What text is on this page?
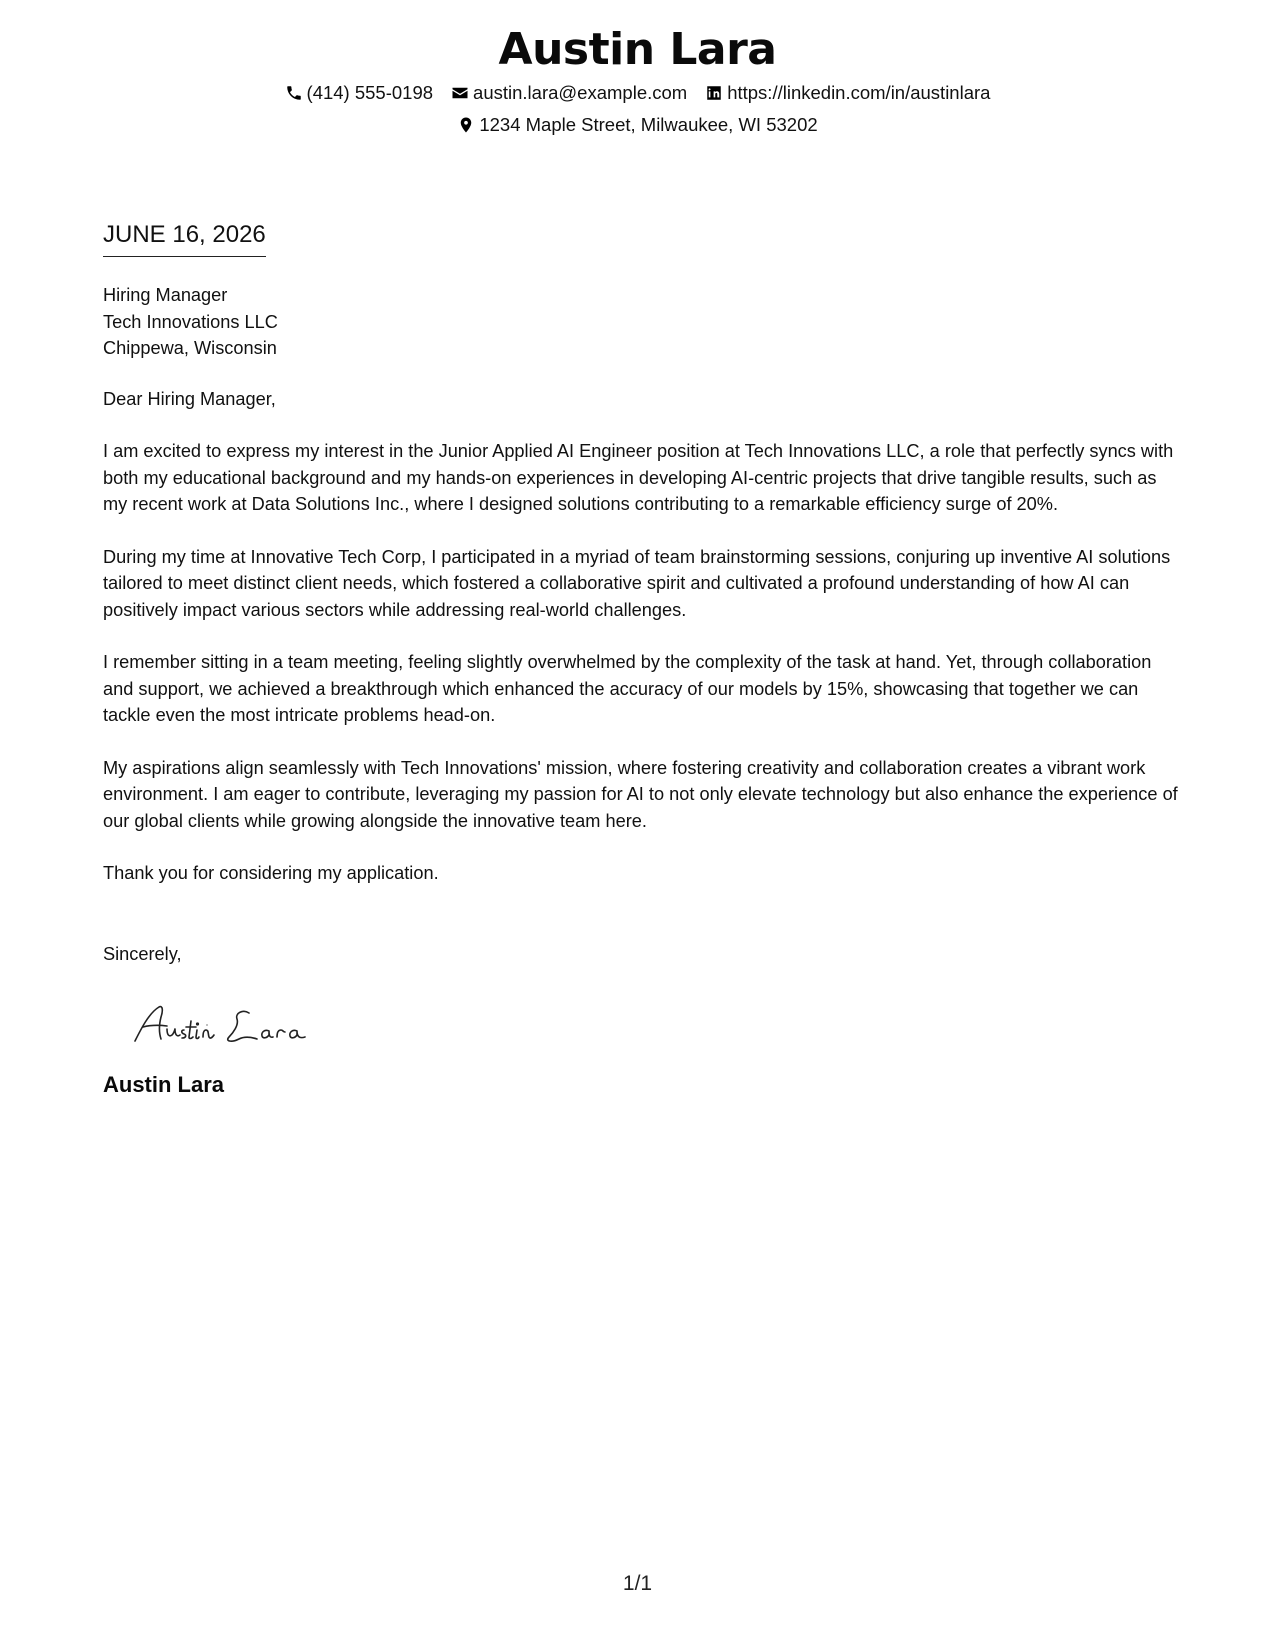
Austin Lara
(414) 555-0198 austin.lara@example.com https://linkedin.com/in/austinlara
1234 Maple Street, Milwaukee, WI 53202
JUNE 16, 2026

Hiring Manager

Tech Innovations LLC

Chippewa, Wisconsin

Dear Hiring Manager,

I am excited to express my interest in the Junior Applied AI Engineer position at Tech Innovations LLC, a role that perfectly syncs with both my educational background and my hands-on experiences in developing AI-centric projects that drive tangible results, such as my recent work at Data Solutions Inc., where I designed solutions contributing to a remarkable efficiency surge of 20%.

During my time at Innovative Tech Corp, I participated in a myriad of team brainstorming sessions, conjuring up inventive AI solutions tailored to meet distinct client needs, which fostered a collaborative spirit and cultivated a profound understanding of how AI can positively impact various sectors while addressing real-world challenges.

I remember sitting in a team meeting, feeling slightly overwhelmed by the complexity of the task at hand. Yet, through collaboration and support, we achieved a breakthrough which enhanced the accuracy of our models by 15%, showcasing that together we can tackle even the most intricate problems head-on.

My aspirations align seamlessly with Tech Innovations' mission, where fostering creativity and collaboration creates a vibrant work environment. I am eager to contribute, leveraging my passion for AI to not only elevate technology but also enhance the experience of our global clients while growing alongside the innovative team here.

Thank you for considering my application.

Sincerely,

Austin Lara

1/1
